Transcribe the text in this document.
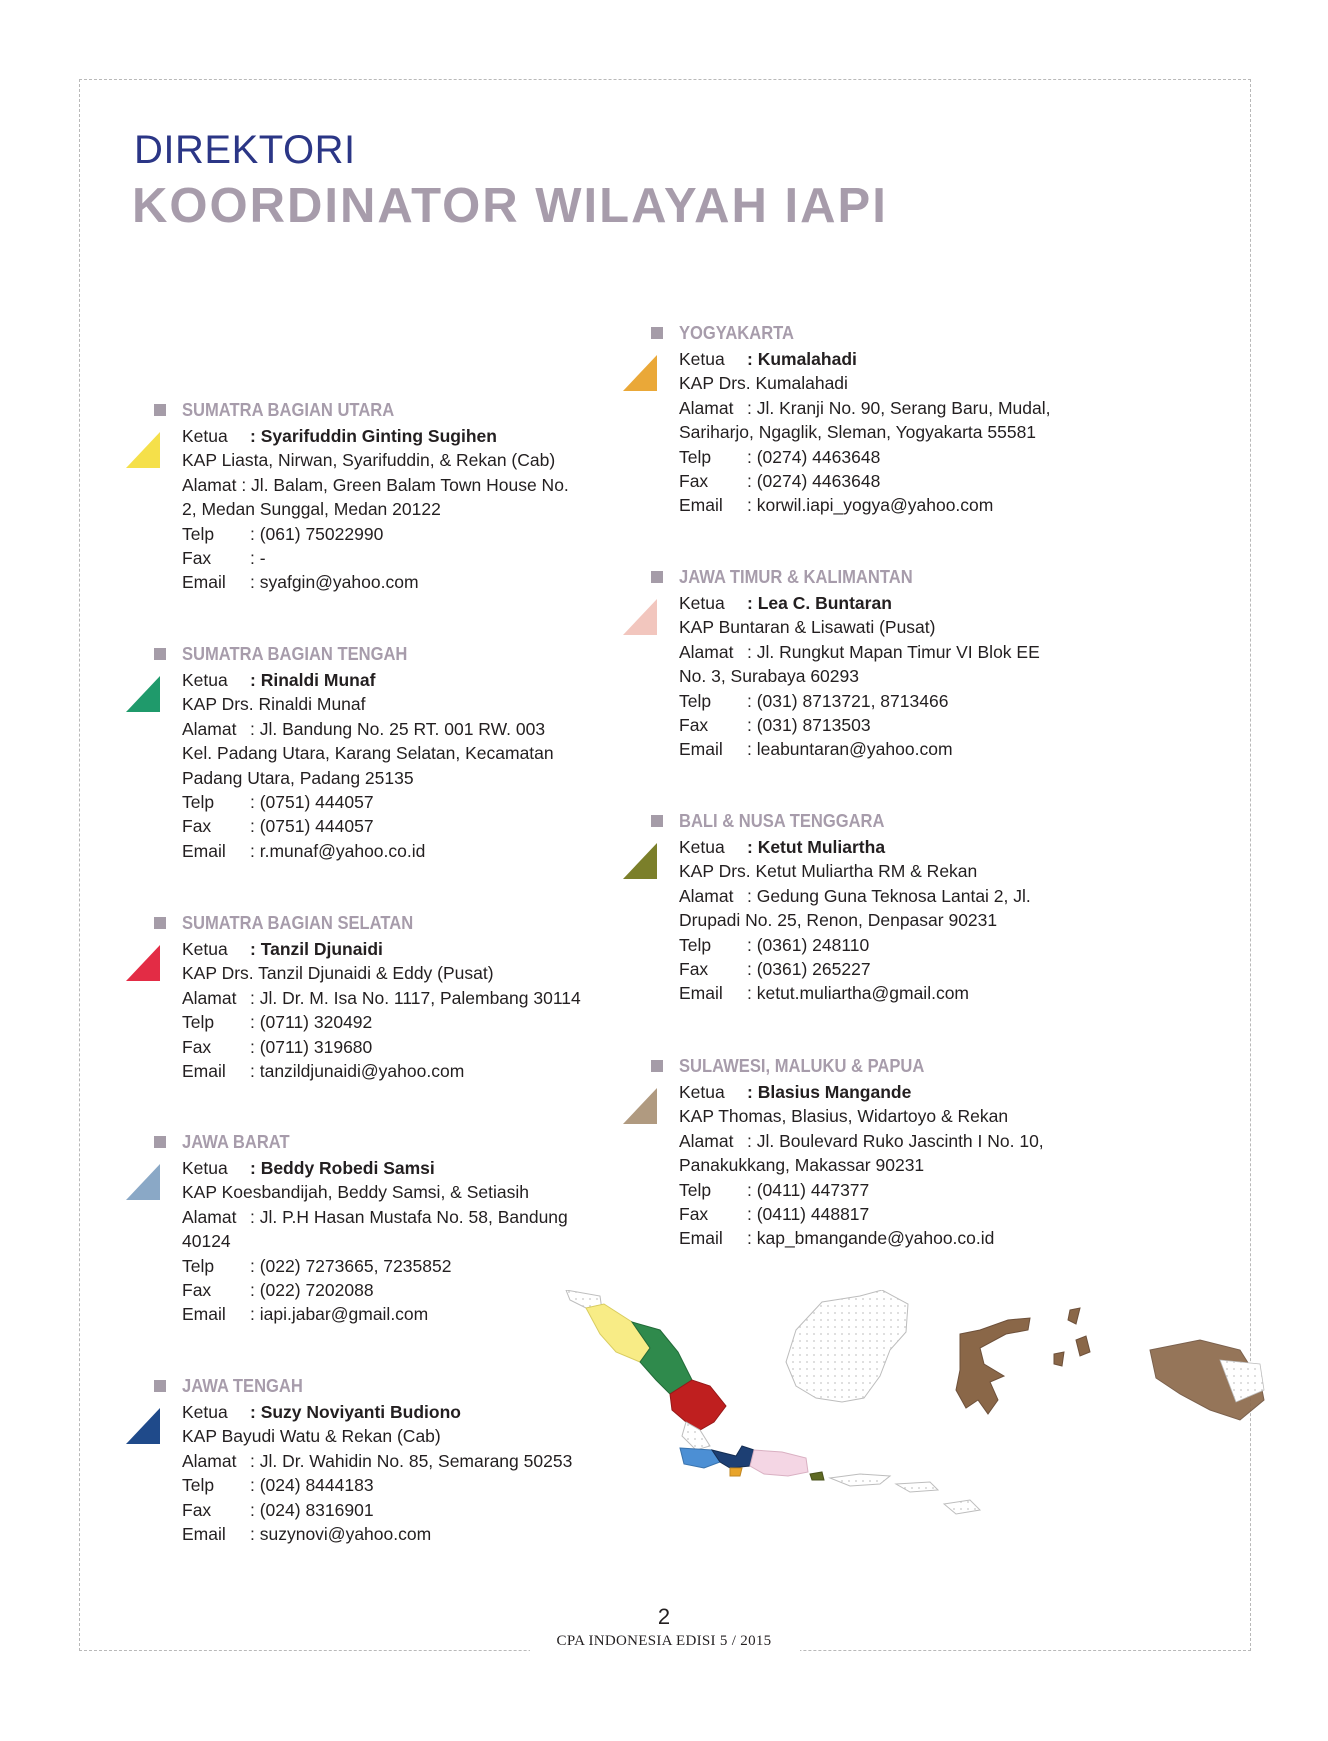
DIREKTORI
KOORDINATOR WILAYAH IAPI
SUMATRA BAGIAN UTARA
Ketua : Syarifuddin Ginting Sugihen
KAP Liasta, Nirwan, Syarifuddin, & Rekan (Cab)
Alamat : Jl. Balam, Green Balam Town House No.
2, Medan Sunggal, Medan 20122
Telp : (061) 75022990
Fax : -
Email : syafgin@yahoo.com
SUMATRA BAGIAN TENGAH
Ketua : Rinaldi Munaf
KAP Drs. Rinaldi Munaf
Alamat : Jl. Bandung No. 25 RT. 001 RW. 003
Kel. Padang Utara, Karang Selatan, Kecamatan
Padang Utara, Padang 25135
Telp : (0751) 444057
Fax : (0751) 444057
Email : r.munaf@yahoo.co.id
SUMATRA BAGIAN SELATAN
Ketua : Tanzil Djunaidi
KAP Drs. Tanzil Djunaidi & Eddy (Pusat)
Alamat : Jl. Dr. M. Isa No. 1117, Palembang 30114
Telp : (0711) 320492
Fax : (0711) 319680
Email : tanzildjunaidi@yahoo.com
JAWA BARAT
Ketua : Beddy Robedi Samsi
KAP Koesbandijah, Beddy Samsi, & Setiasih
Alamat : Jl. P.H Hasan Mustafa No. 58, Bandung
40124
Telp : (022) 7273665, 7235852
Fax : (022) 7202088
Email : iapi.jabar@gmail.com
JAWA TENGAH
Ketua : Suzy Noviyanti Budiono
KAP Bayudi Watu & Rekan (Cab)
Alamat : Jl. Dr. Wahidin No. 85, Semarang 50253
Telp : (024) 8444183
Fax : (024) 8316901
Email : suzynovi@yahoo.com
YOGYAKARTA
Ketua : Kumalahadi
KAP Drs. Kumalahadi
Alamat : Jl. Kranji No. 90, Serang Baru, Mudal,
Sariharjo, Ngaglik, Sleman, Yogyakarta 55581
Telp : (0274) 4463648
Fax : (0274) 4463648
Email : korwil.iapi_yogya@yahoo.com
JAWA TIMUR & KALIMANTAN
Ketua : Lea C. Buntaran
KAP Buntaran & Lisawati (Pusat)
Alamat : Jl. Rungkut Mapan Timur VI Blok EE
No. 3, Surabaya 60293
Telp : (031) 8713721, 8713466
Fax : (031) 8713503
Email : leabuntaran@yahoo.com
BALI & NUSA TENGGARA
Ketua : Ketut Muliartha
KAP Drs. Ketut Muliartha RM & Rekan
Alamat : Gedung Guna Teknosa Lantai 2, Jl.
Drupadi No. 25, Renon, Denpasar 90231
Telp : (0361) 248110
Fax : (0361) 265227
Email : ketut.muliartha@gmail.com
SULAWESI, MALUKU & PAPUA
Ketua : Blasius Mangande
KAP Thomas, Blasius, Widartoyo & Rekan
Alamat : Jl. Boulevard Ruko Jascinth I No. 10,
Panakukkang, Makassar 90231
Telp : (0411) 447377
Fax : (0411) 448817
Email : kap_bmangande@yahoo.co.id
2
CPA INDONESIA EDISI 5 / 2015
